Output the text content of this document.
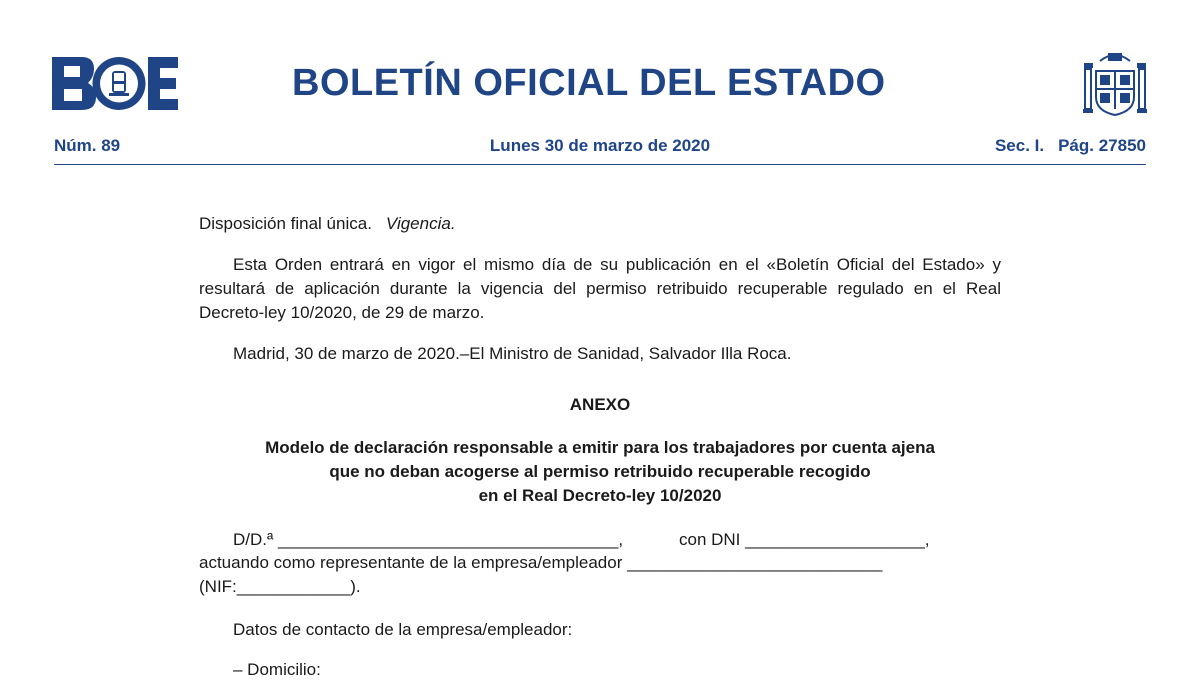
BOLETÍN OFICIAL DEL ESTADO
Núm. 89	Lunes 30 de marzo de 2020	Sec. I. Pág. 27850
Disposición final única. Vigencia.
Esta Orden entrará en vigor el mismo día de su publicación en el «Boletín Oficial del Estado» y resultará de aplicación durante la vigencia del permiso retribuido recuperable regulado en el Real Decreto-ley 10/2020, de 29 de marzo.
Madrid, 30 de marzo de 2020.–El Ministro de Sanidad, Salvador Illa Roca.
ANEXO
Modelo de declaración responsable a emitir para los trabajadores por cuenta ajena
que no deban acogerse al permiso retribuido recuperable recogido
en el Real Decreto-ley 10/2020
D/D.ª ____________________________________,	con DNI ___________________,
actuando como representante de la empresa/empleador ___________________________
(NIF:____________).
Datos de contacto de la empresa/empleador:
– Domicilio:
